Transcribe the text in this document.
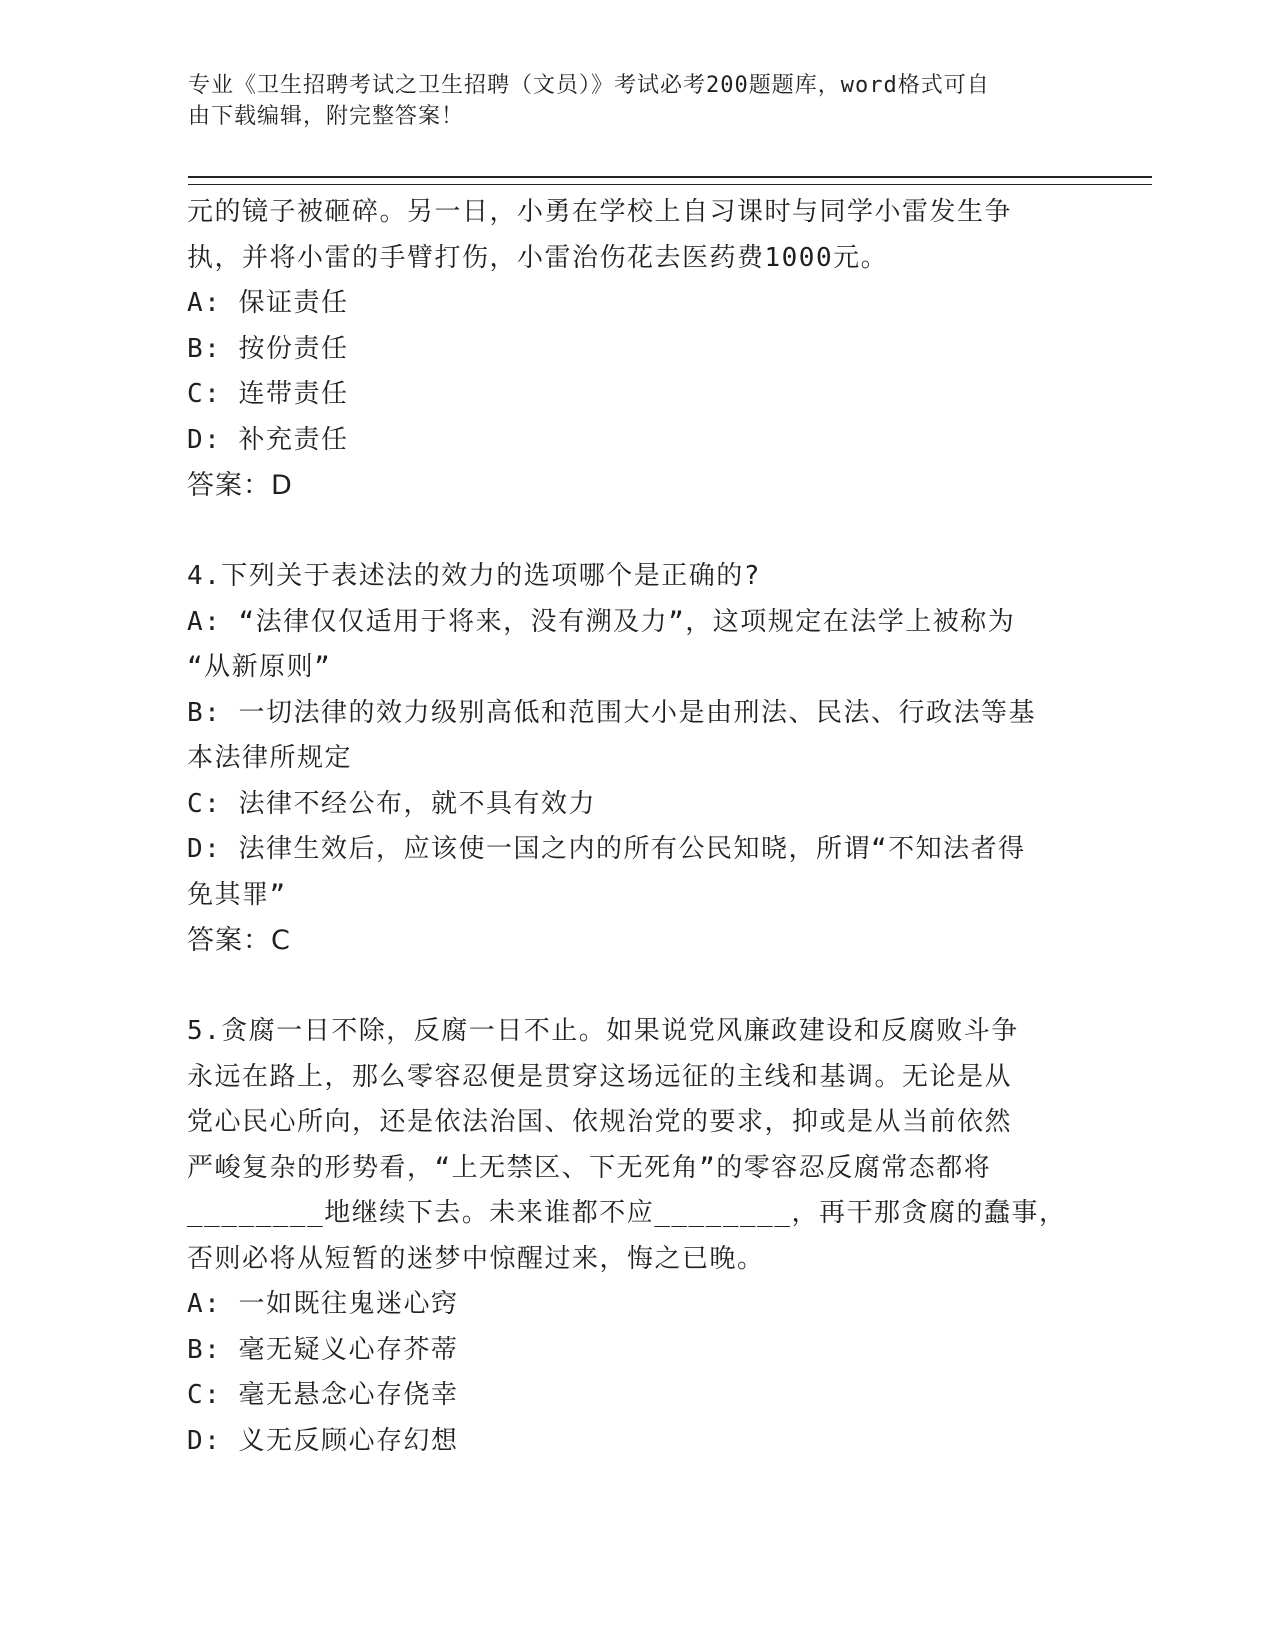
专业《卫生招聘考试之卫生招聘（文员）》考试必考200题题库，word格式可自
由下载编辑，附完整答案！
元的镜子被砸碎。另一日，小勇在学校上自习课时与同学小雷发生争
执，并将小雷的手臂打伤，小雷治伤花去医药费1000元。
A: 保证责任
B: 按份责任
C: 连带责任
D: 补充责任
答案：D
4.下列关于表述法的效力的选项哪个是正确的?
A: “法律仅仅适用于将来，没有溯及力”，这项规定在法学上被称为
“从新原则”
B: 一切法律的效力级别高低和范围大小是由刑法、民法、行政法等基
本法律所规定
C: 法律不经公布，就不具有效力
D: 法律生效后，应该使一国之内的所有公民知晓，所谓“不知法者得
免其罪”
答案：C
5.贪腐一日不除，反腐一日不止。如果说党风廉政建设和反腐败斗争
永远在路上，那么零容忍便是贯穿这场远征的主线和基调。无论是从
党心民心所向，还是依法治国、依规治党的要求，抑或是从当前依然
严峻复杂的形势看，“上无禁区、下无死角”的零容忍反腐常态都将
________地继续下去。未来谁都不应________，再干那贪腐的蠢事，
否则必将从短暂的迷梦中惊醒过来，悔之已晚。
A: 一如既往鬼迷心窍
B: 毫无疑义心存芥蒂
C: 毫无悬念心存侥幸
D: 义无反顾心存幻想
